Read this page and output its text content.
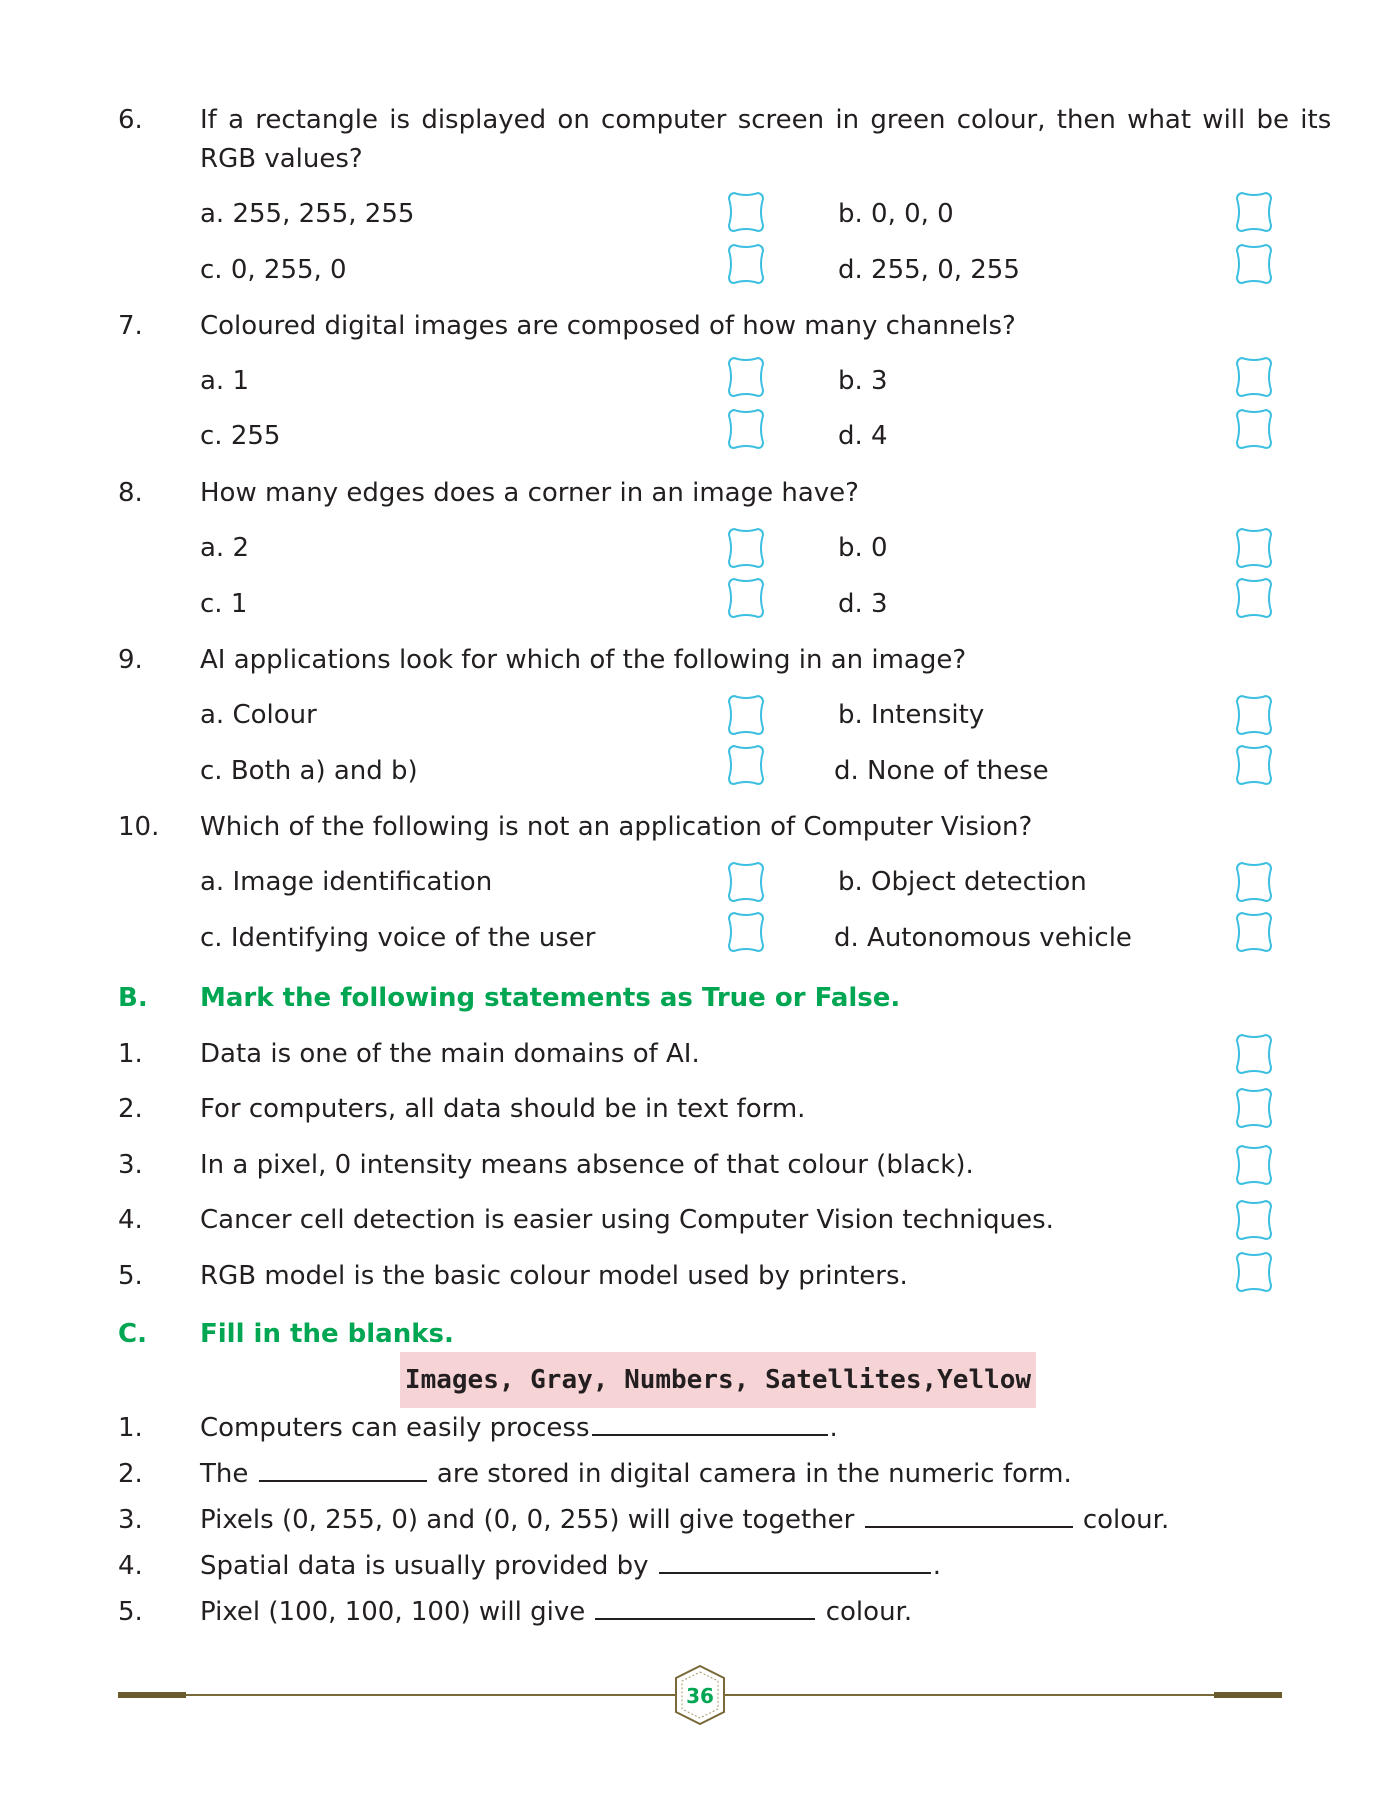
6. If a rectangle is displayed on computer screen in green colour, then what will be its
RGB values?
a. 255, 255, 255	b. 0, 0, 0
c. 0, 255, 0	d. 255, 0, 255
7. Coloured digital images are composed of how many channels?
a. 1	b. 3
c. 255	d. 4
8. How many edges does a corner in an image have?
a. 2	b. 0
c. 1	d. 3
9. AI applications look for which of the following in an image?
a. Colour	b. Intensity
c. Both a) and b)	d. None of these
10. Which of the following is not an application of Computer Vision?
a. Image identification	b. Object detection
c. Identifying voice of the user	d. Autonomous vehicle
B. Mark the following statements as True or False.
1. Data is one of the main domains of AI.
2. For computers, all data should be in text form.
3. In a pixel, 0 intensity means absence of that colour (black).
4. Cancer cell detection is easier using Computer Vision techniques.
5. RGB model is the basic colour model used by printers.
C. Fill in the blanks.
Images, Gray, Numbers, Satellites,Yellow
1. Computers can easily process	.
2. The	are stored in digital camera in the numeric form.
3. Pixels (0, 255, 0) and (0, 0, 255) will give together	colour.
4. Spatial data is usually provided by	.
5. Pixel (100, 100, 100) will give	colour.
36
